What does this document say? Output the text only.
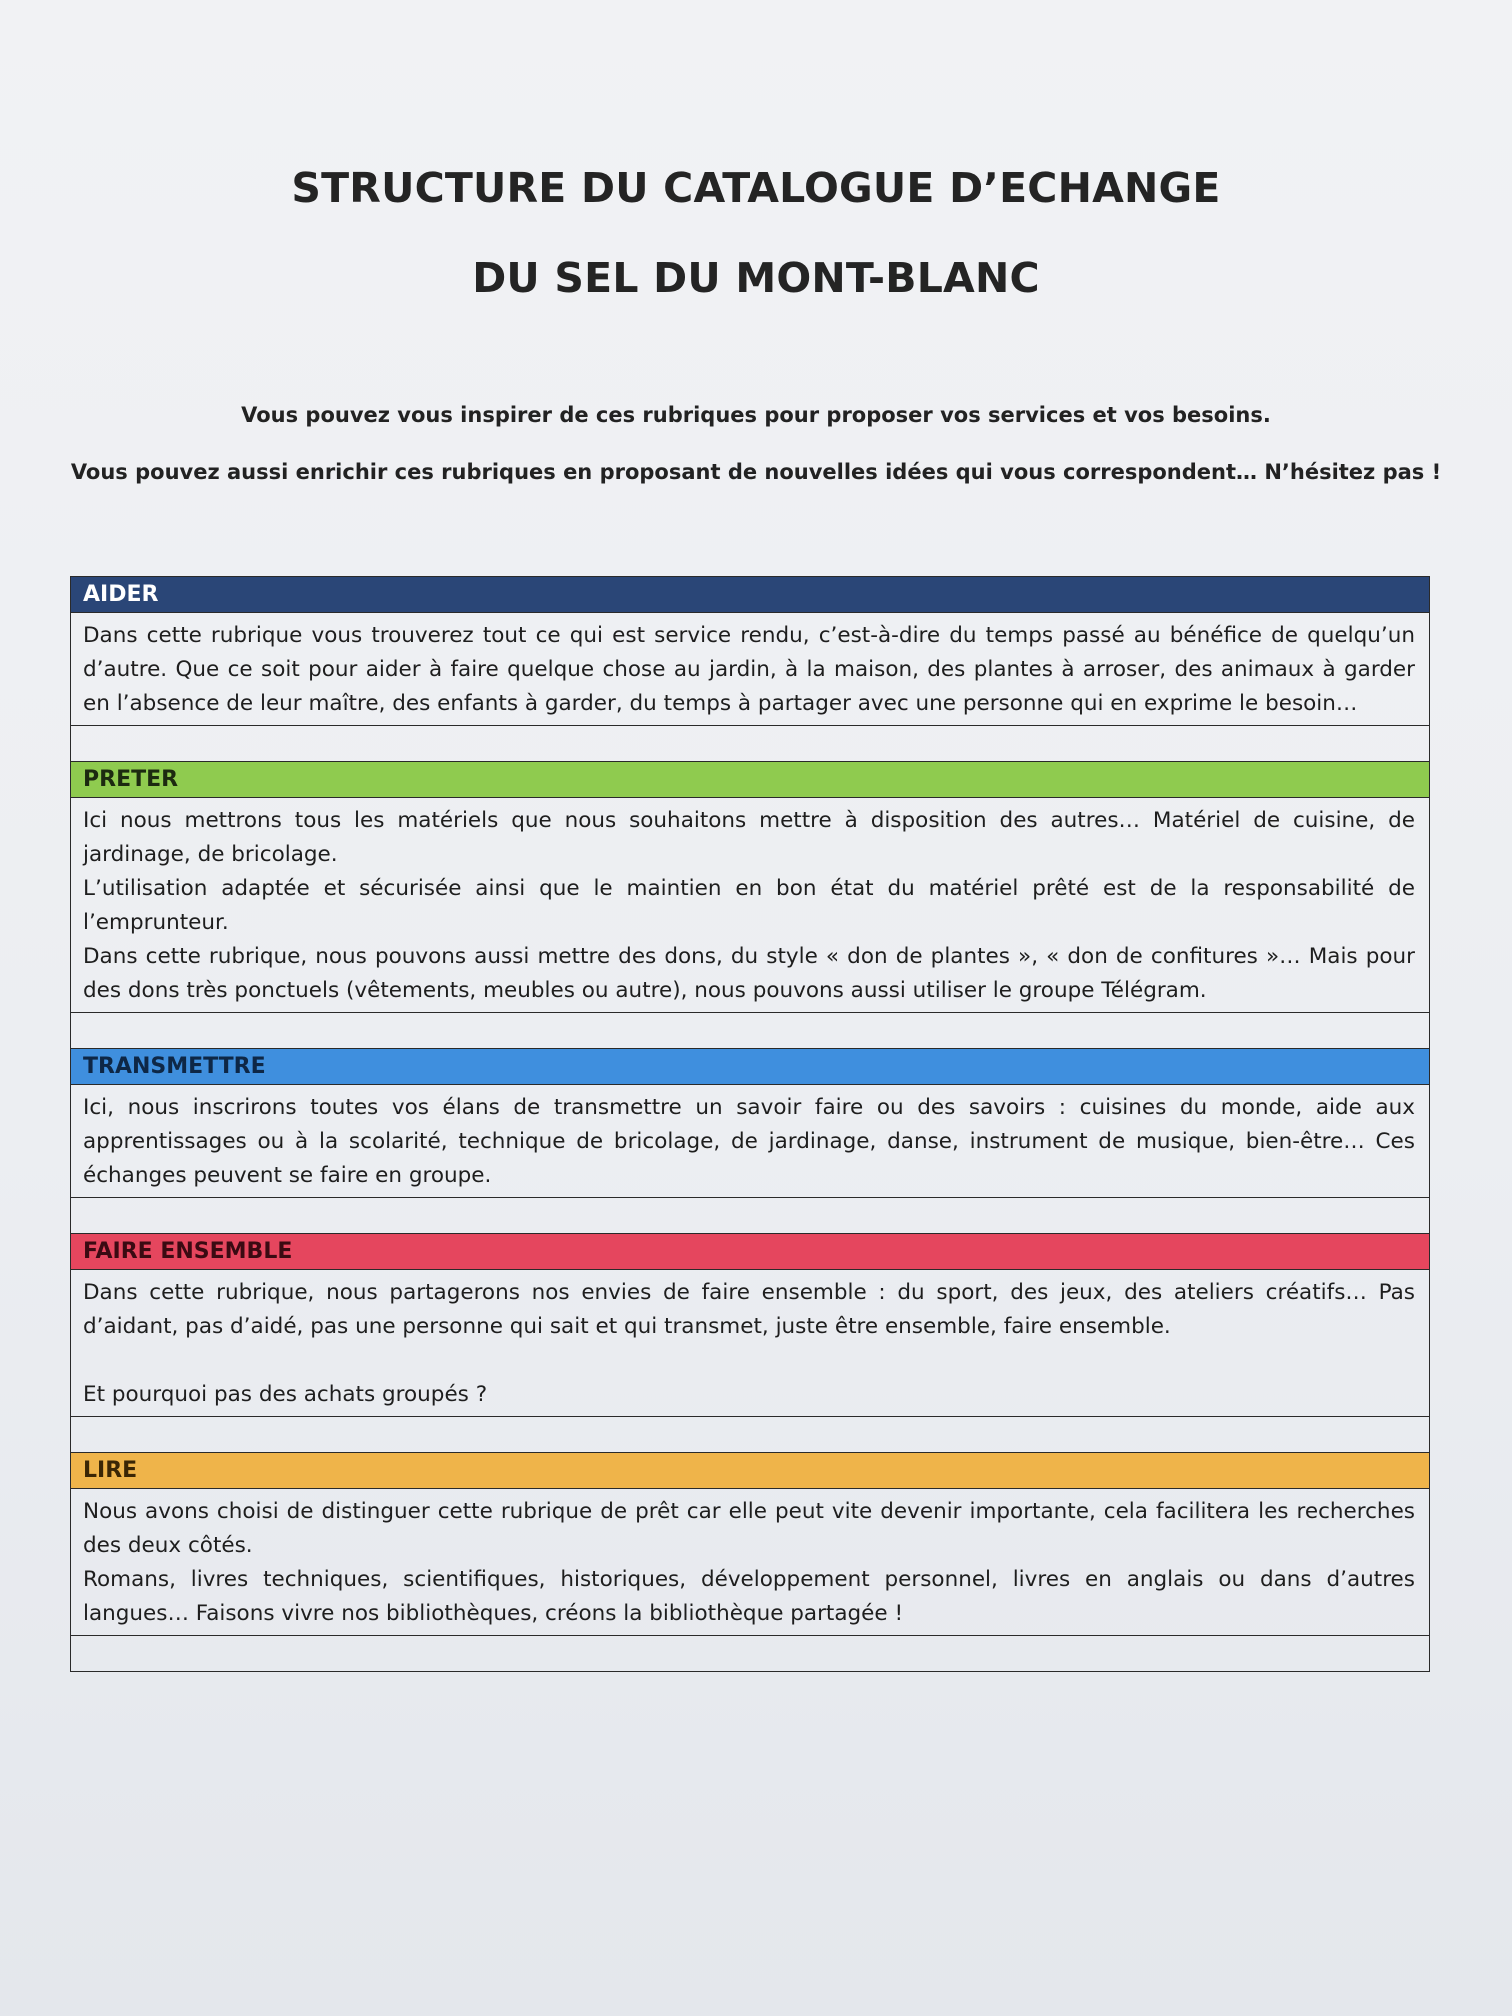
STRUCTURE DU CATALOGUE D’ECHANGE
DU SEL DU MONT-BLANC
Vous pouvez vous inspirer de ces rubriques pour proposer vos services et vos besoins.
Vous pouvez aussi enrichir ces rubriques en proposant de nouvelles idées qui vous correspondent… N’hésitez pas !
AIDER

Dans cette rubrique vous trouverez tout ce qui est service rendu, c’est-à-dire du temps passé au bénéfice de quelqu’un d’autre. Que ce soit pour aider à faire quelque chose au jardin, à la maison, des plantes à arroser, des animaux à garder en l’absence de leur maître, des enfants à garder, du temps à partager avec une personne qui en exprime le besoin…

PRETER

Ici nous mettrons tous les matériels que nous souhaitons mettre à disposition des autres… Matériel de cuisine, de jardinage, de bricolage.

L’utilisation adaptée et sécurisée ainsi que le maintien en bon état du matériel prêté est de la responsabilité de l’emprunteur.

Dans cette rubrique, nous pouvons aussi mettre des dons, du style « don de plantes », « don de confitures »… Mais pour des dons très ponctuels (vêtements, meubles ou autre), nous pouvons aussi utiliser le groupe Télégram.

TRANSMETTRE

Ici, nous inscrirons toutes vos élans de transmettre un savoir faire ou des savoirs : cuisines du monde, aide aux apprentissages ou à la scolarité, technique de bricolage, de jardinage, danse, instrument de musique, bien-être… Ces échanges peuvent se faire en groupe.

FAIRE ENSEMBLE

Dans cette rubrique, nous partagerons nos envies de faire ensemble : du sport, des jeux, des ateliers créatifs… Pas d’aidant, pas d’aidé, pas une personne qui sait et qui transmet, juste être ensemble, faire ensemble.

Et pourquoi pas des achats groupés ?

LIRE

Nous avons choisi de distinguer cette rubrique de prêt car elle peut vite devenir importante, cela facilitera les recherches des deux côtés.

Romans, livres techniques, scientifiques, historiques, développement personnel, livres en anglais ou dans d’autres langues… Faisons vivre nos bibliothèques, créons la bibliothèque partagée !
